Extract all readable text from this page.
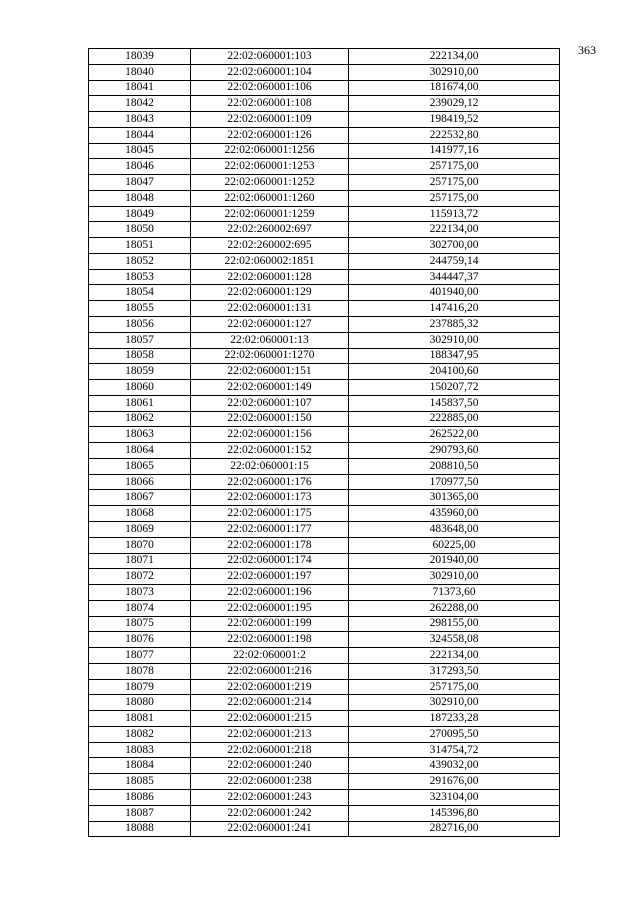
363
18039	22:02:060001:103	222134,00
18040	22:02:060001:104	302910,00
18041	22:02:060001:106	181674,00
18042	22:02:060001:108	239029,12
18043	22:02:060001:109	198419,52
18044	22:02:060001:126	222532,80
18045	22:02:060001:1256	141977,16
18046	22:02:060001:1253	257175,00
18047	22:02:060001:1252	257175,00
18048	22:02:060001:1260	257175,00
18049	22:02:060001:1259	115913,72
18050	22:02:260002:697	222134,00
18051	22:02:260002:695	302700,00
18052	22:02:060002:1851	244759,14
18053	22:02:060001:128	344447,37
18054	22:02:060001:129	401940,00
18055	22:02:060001:131	147416,20
18056	22:02:060001:127	237885,32
18057	22:02:060001:13	302910,00
18058	22:02:060001:1270	188347,95
18059	22:02:060001:151	204100,60
18060	22:02:060001:149	150207,72
18061	22:02:060001:107	145837,50
18062	22:02:060001:150	222885,00
18063	22:02:060001:156	262522,00
18064	22:02:060001:152	290793,60
18065	22:02:060001:15	208810,50
18066	22:02:060001:176	170977,50
18067	22:02:060001:173	301365,00
18068	22:02:060001:175	435960,00
18069	22:02:060001:177	483648,00
18070	22:02:060001:178	60225,00
18071	22:02:060001:174	201940,00
18072	22:02:060001:197	302910,00
18073	22:02:060001:196	71373,60
18074	22:02:060001:195	262288,00
18075	22:02:060001:199	298155,00
18076	22:02:060001:198	324558,08
18077	22:02:060001:2	222134,00
18078	22:02:060001:216	317293,50
18079	22:02:060001:219	257175,00
18080	22:02:060001:214	302910,00
18081	22:02:060001:215	187233,28
18082	22:02:060001:213	270095,50
18083	22:02:060001:218	314754,72
18084	22:02:060001:240	439032,00
18085	22:02:060001:238	291676,00
18086	22:02:060001:243	323104,00
18087	22:02:060001:242	145396,80
18088	22:02:060001:241	282716,00
